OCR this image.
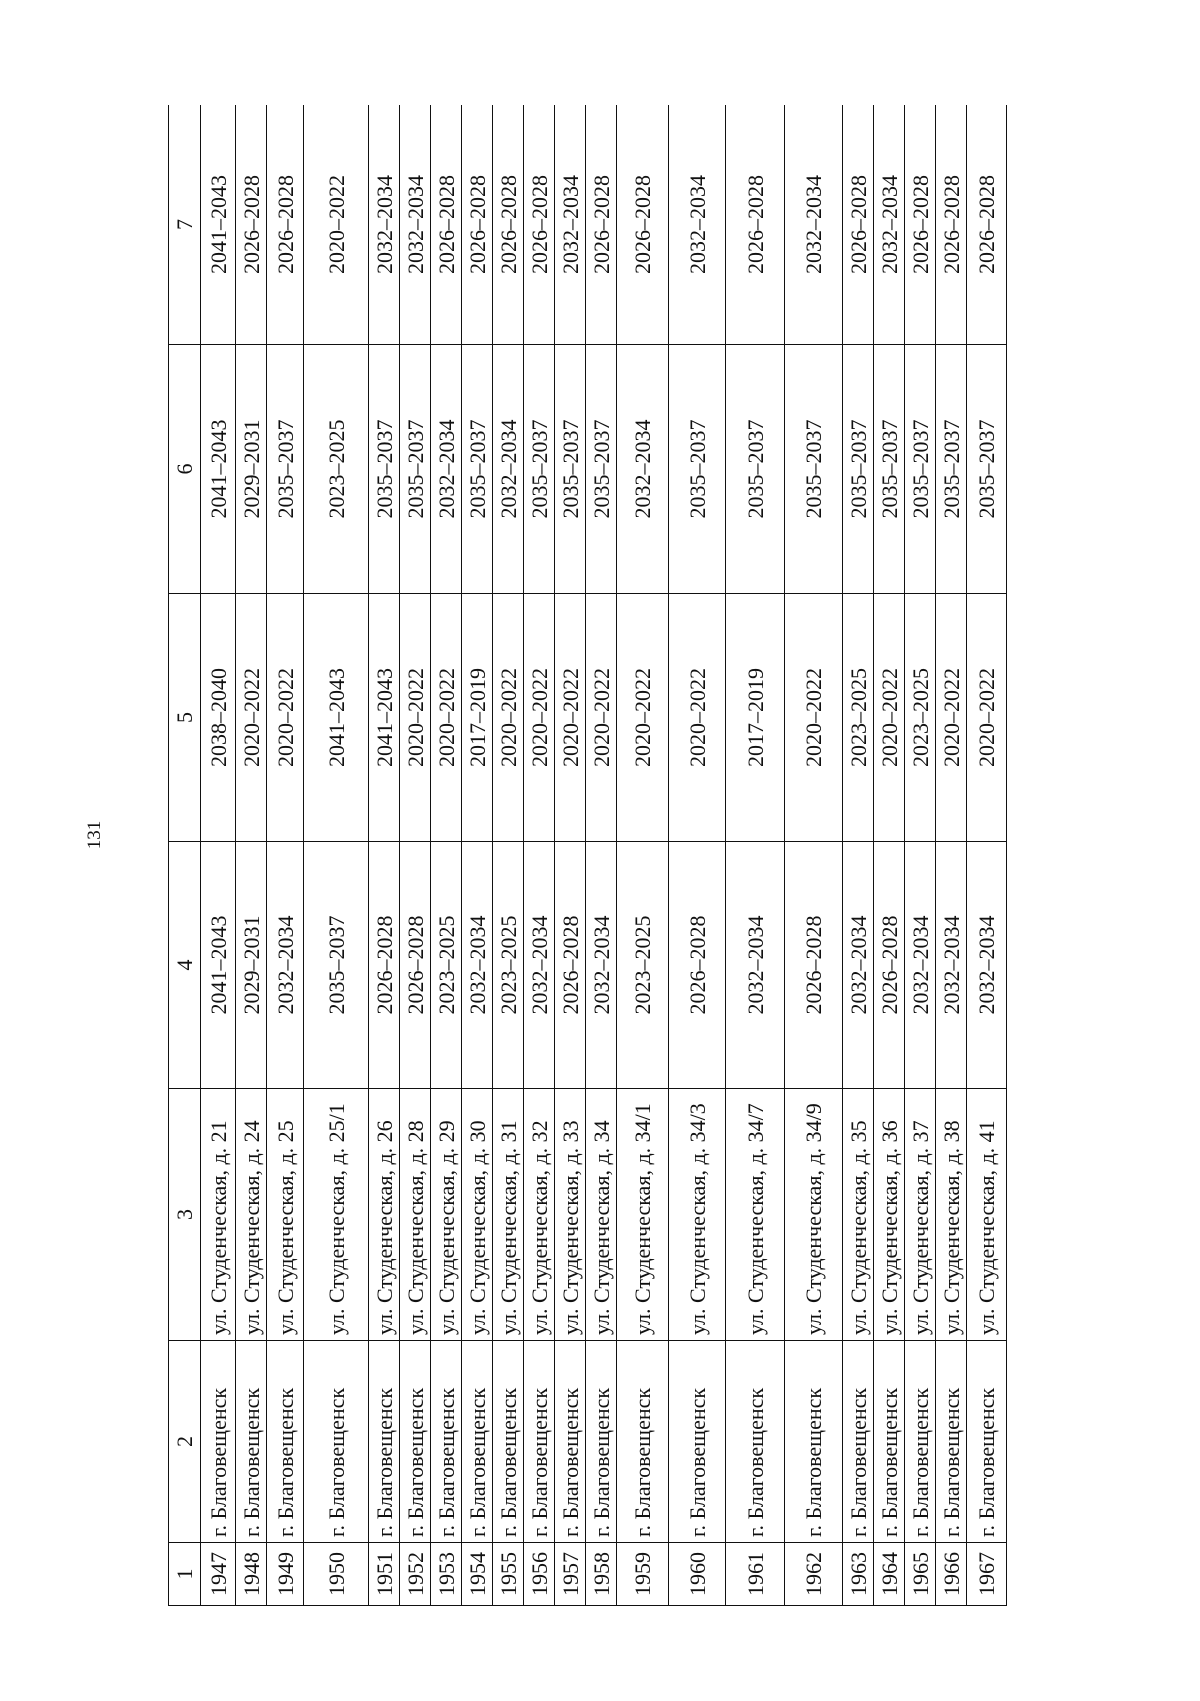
131
1	2	3	4	5	6	7
1947	г. Благовещенск	ул. Студенческая, д. 21	2041–2043	2038–2040	2041–2043	2041–2043
1948	г. Благовещенск	ул. Студенческая, д. 24	2029–2031	2020–2022	2029–2031	2026–2028
1949	г. Благовещенск	ул. Студенческая, д. 25	2032–2034	2020–2022	2035–2037	2026–2028
1950	г. Благовещенск	ул. Студенческая, д. 25/1	2035–2037	2041–2043	2023–2025	2020–2022
1951	г. Благовещенск	ул. Студенческая, д. 26	2026–2028	2041–2043	2035–2037	2032–2034
1952	г. Благовещенск	ул. Студенческая, д. 28	2026–2028	2020–2022	2035–2037	2032–2034
1953	г. Благовещенск	ул. Студенческая, д. 29	2023–2025	2020–2022	2032–2034	2026–2028
1954	г. Благовещенск	ул. Студенческая, д. 30	2032–2034	2017–2019	2035–2037	2026–2028
1955	г. Благовещенск	ул. Студенческая, д. 31	2023–2025	2020–2022	2032–2034	2026–2028
1956	г. Благовещенск	ул. Студенческая, д. 32	2032–2034	2020–2022	2035–2037	2026–2028
1957	г. Благовещенск	ул. Студенческая, д. 33	2026–2028	2020–2022	2035–2037	2032–2034
1958	г. Благовещенск	ул. Студенческая, д. 34	2032–2034	2020–2022	2035–2037	2026–2028
1959	г. Благовещенск	ул. Студенческая, д. 34/1	2023–2025	2020–2022	2032–2034	2026–2028
1960	г. Благовещенск	ул. Студенческая, д. 34/3	2026–2028	2020–2022	2035–2037	2032–2034
1961	г. Благовещенск	ул. Студенческая, д. 34/7	2032–2034	2017–2019	2035–2037	2026–2028
1962	г. Благовещенск	ул. Студенческая, д. 34/9	2026–2028	2020–2022	2035–2037	2032–2034
1963	г. Благовещенск	ул. Студенческая, д. 35	2032–2034	2023–2025	2035–2037	2026–2028
1964	г. Благовещенск	ул. Студенческая, д. 36	2026–2028	2020–2022	2035–2037	2032–2034
1965	г. Благовещенск	ул. Студенческая, д. 37	2032–2034	2023–2025	2035–2037	2026–2028
1966	г. Благовещенск	ул. Студенческая, д. 38	2032–2034	2020–2022	2035–2037	2026–2028
1967	г. Благовещенск	ул. Студенческая, д. 41	2032–2034	2020–2022	2035–2037	2026–2028
